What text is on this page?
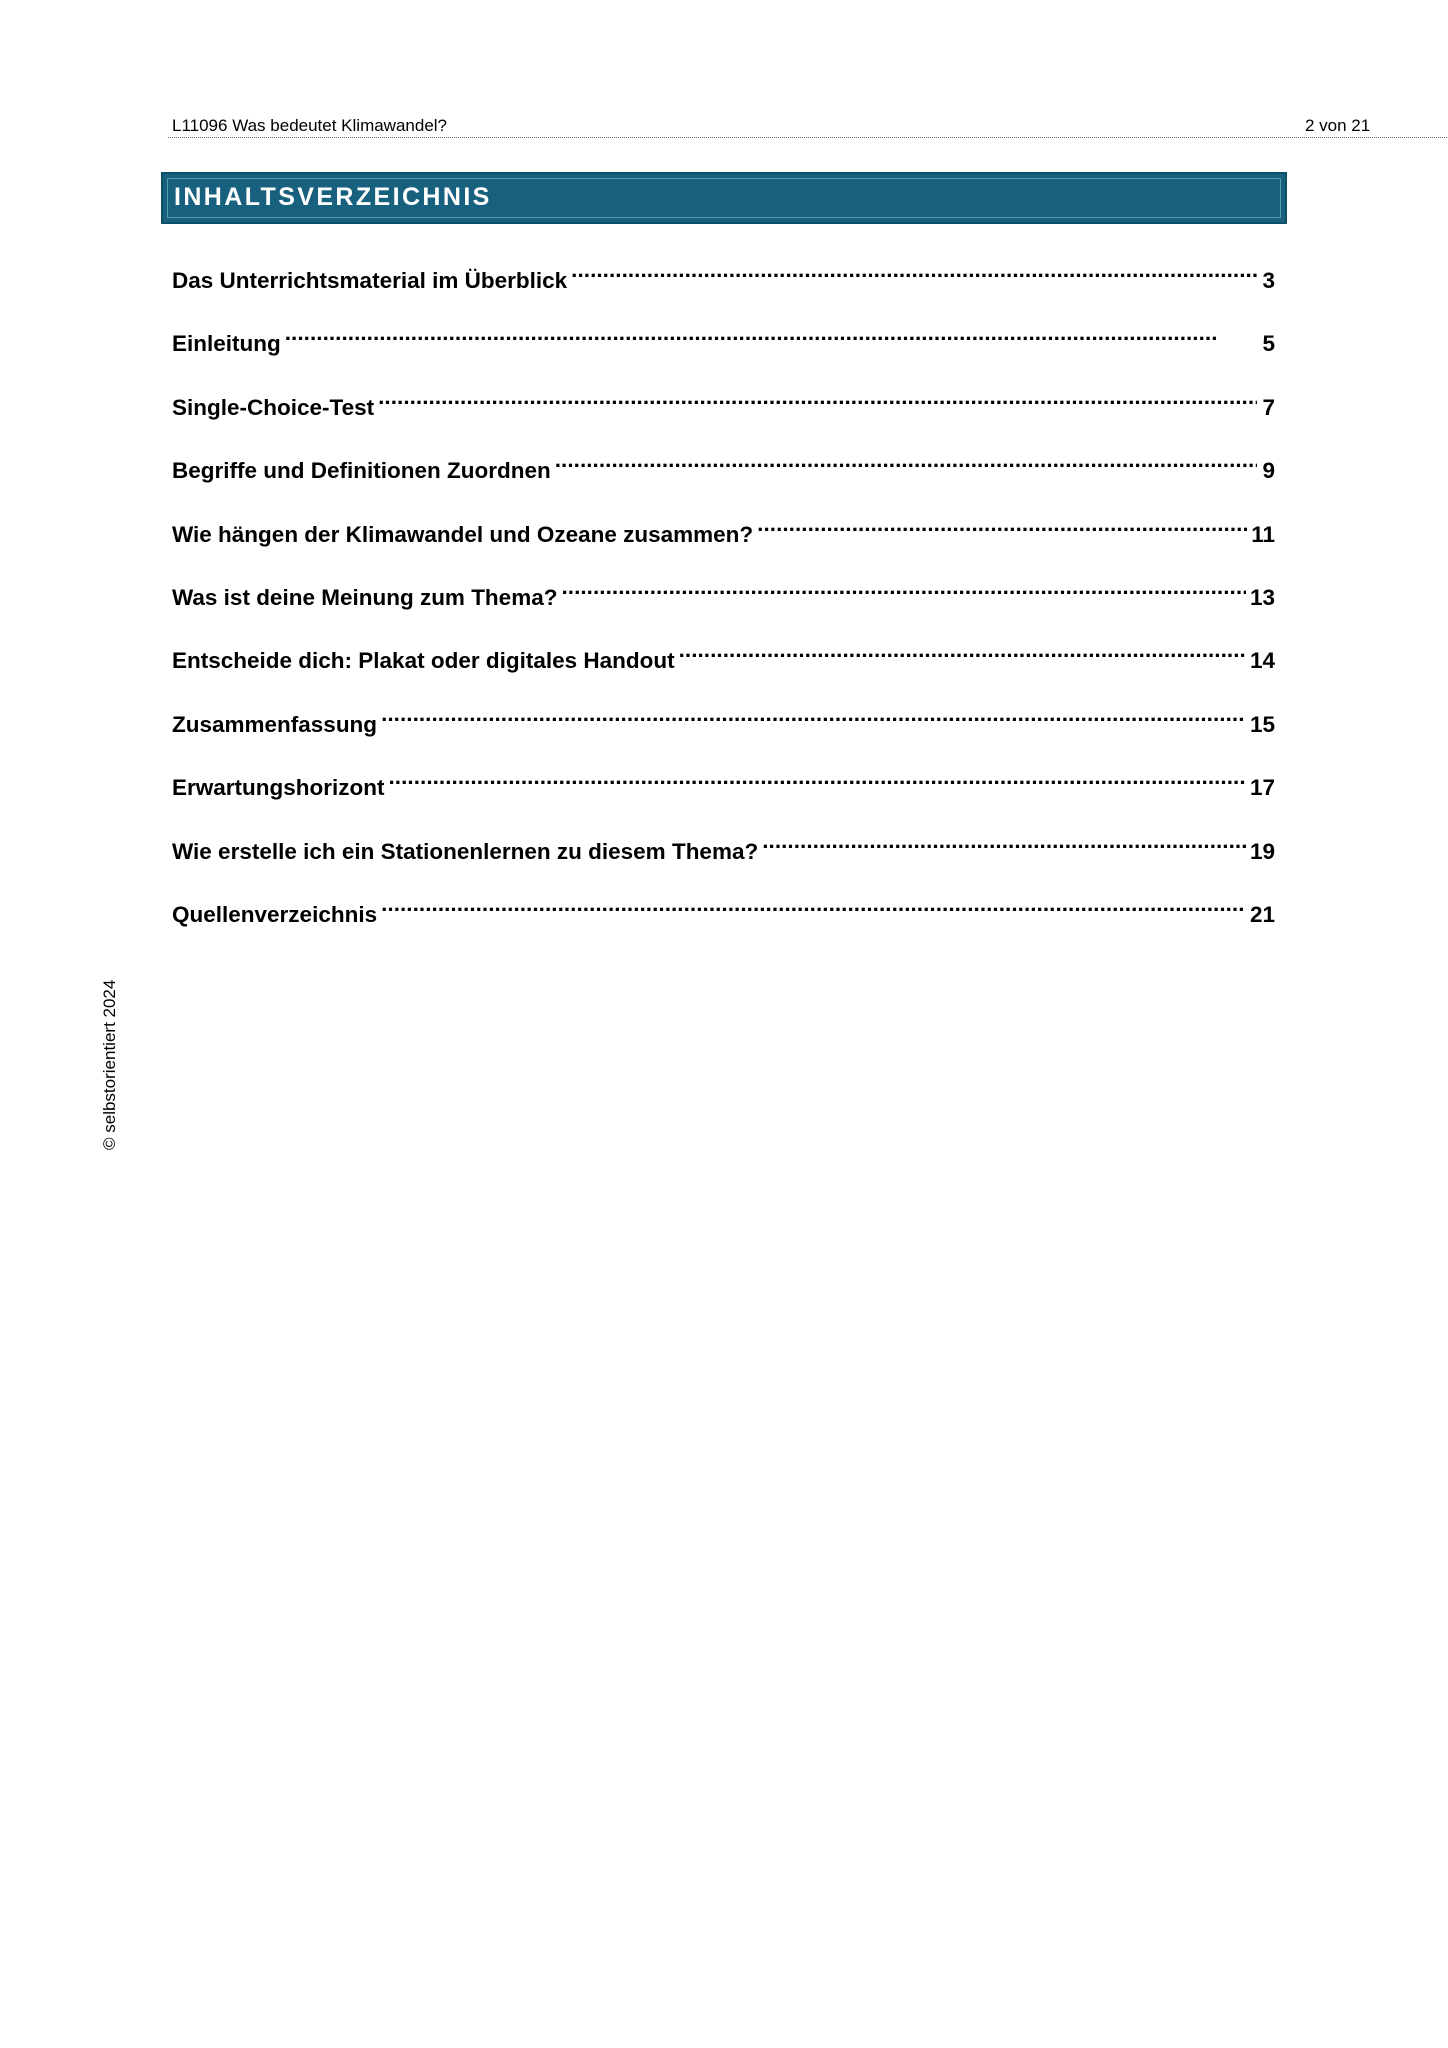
L11096 Was bedeutet Klimawandel?	2 von 21
INHALTSVERZEICHNIS
Das Unterrichtsmaterial im Überblick . . .	3
Einleitung . . .	5
Single-Choice-Test . . .	7
Begriffe und Definitionen Zuordnen . . .	9
Wie hängen der Klimawandel und Ozeane zusammen? . . .	11
Was ist deine Meinung zum Thema? . . .	13
Entscheide dich: Plakat oder digitales Handout . . .	14
Zusammenfassung . . .	15
Erwartungshorizont . . .	17
Wie erstelle ich ein Stationenlernen zu diesem Thema? . . .	19
Quellenverzeichnis . . .	21
© selbstorientiert 2024
